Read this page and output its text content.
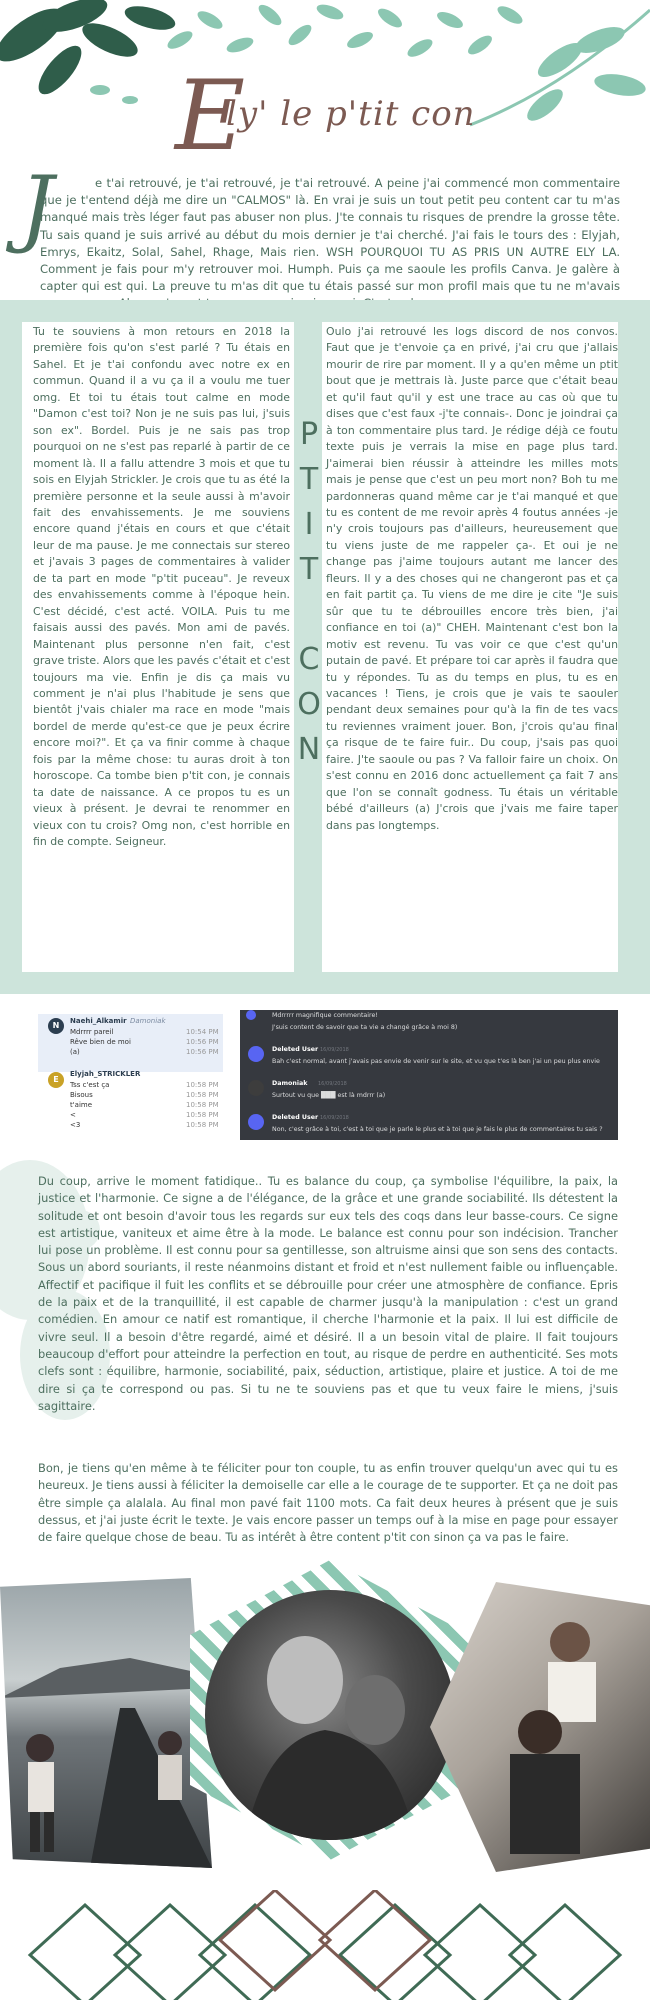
E
ly' le p'tit con
J	e t'ai retrouvé, je t'ai retrouvé, je t'ai retrouvé. A peine j'ai commencé mon commentaire que je t'entend déjà me dire un "CALMOS" là. En vrai je suis un tout petit peu content car tu m'as manqué mais très léger faut pas abuser non plus. J'te connais tu risques de prendre la grosse tête. Tu sais quand je suis arrivé au début du mois dernier je t'ai cherché. J'ai fais le tours des : Elyjah, Emrys, Ekaitz, Solal, Sahel, Rhage, Mais rien. WSH POURQUOI TU AS PRIS UN AUTRE ELY LA. Comment je fais pour m'y retrouver moi. Humph. Puis ça me saoule les profils Canva. Je galère à capter qui est qui. La preuve tu m'as dit que tu étais passé sur mon profil mais que tu ne m'avais
Tu te souviens à mon retours en 2018 la première fois qu'on s'est parlé ? Tu étais en Sahel. Et je t'ai confondu avec notre ex en commun. Quand il a vu ça il a voulu me tuer omg. Et toi tu étais tout calme en mode "Damon c'est toi? Non je ne suis pas lui, j'suis son ex". Bordel. Puis je ne sais pas trop pourquoi on ne s'est pas reparlé à partir de ce moment là. Il a fallu attendre 3 mois et que tu sois en Elyjah Strickler. Je crois que tu as été la première personne et la seule aussi à m'avoir fait des envahissements. Je me souviens encore quand j'étais en cours et que c'était leur de ma pause. Je me connectais sur stereo et j'avais 3 pages de commentaires à valider de ta part en mode "p'tit puceau". Je reveux des envahissements comme à l'époque hein. C'est décidé, c'est acté. VOILA. Puis tu me faisais aussi des pavés. Mon ami de pavés. Maintenant plus personne n'en fait, c'est grave triste. Alors que les pavés c'était et c'est toujours ma vie. Enfin je dis ça mais vu comment je n'ai plus l'habitude je sens que bientôt j'vais chialer ma race en mode "mais bordel de merde qu'est-ce que je peux écrire encore moi?". Et ça va finir comme à chaque fois par la même chose: tu auras droit à ton horoscope. Ca tombe bien p'tit con, je connais ta date de naissance. A ce propos tu es un vieux à présent. Je devrai te renommer en vieux con tu crois? Omg non, c'est horrible en fin de compte. Seigneur.
Oulo j'ai retrouvé les logs discord de nos convos. Faut que je t'envoie ça en privé, j'ai cru que j'allais mourir de rire par moment. Il y a qu'en même un ptit bout que je mettrais là. Juste parce que c'était beau et qu'il faut qu'il y est une trace au cas où que tu dises que c'est faux -j'te connais-. Donc je joindrai ça à ton commentaire plus tard. Je rédige déjà ce foutu texte puis je verrais la mise en page plus tard. J'aimerai bien réussir à atteindre les milles mots mais je pense que c'est un peu mort non? Boh tu me pardonneras quand même car je t'ai manqué et que tu es content de me revoir après 4 foutus années -je n'y crois toujours pas d'ailleurs, heureusement que tu viens juste de me rappeler ça-. Et oui je ne change pas j'aime toujours autant me lancer des fleurs. Il y a des choses qui ne changeront pas et ça en fait partit ça. Tu viens de me dire je cite "Je suis sûr que tu te débrouilles encore très bien, j'ai confiance en toi (a)" CHEH. Maintenant c'est bon la motiv est revenu. Tu vas voir ce que c'est qu'un putain de pavé. Et prépare toi car après il faudra que tu y répondes. Tu as du temps en plus, tu es en vacances ! Tiens, je crois que je vais te saouler pendant deux semaines pour qu'à la fin de tes vacs tu reviennes vraiment jouer. Bon, j'crois qu'au final ça risque de te faire fuir.. Du coup, j'sais pas quoi faire. J'te saoule ou pas ? Va falloir faire un choix. On s'est connu en 2016 donc actuellement ça fait 7 ans que l'on se connaît godness. Tu étais un véritable bébé d'ailleurs (a) J'crois que j'vais me faire taper dans pas longtemps.
P
T
I
T
C
O
N
N	Naehi_Alkamir Damoniak
Mdrrrr pareil	10:54 PM
Rêve bien de moi	10:56 PM
(a)	10:56 PM
E
Elyjah_STRICKLER
Tss c'est ça	10:58 PM
Bisous	10:58 PM
t'aime	10:58 PM
<	10:58 PM
<3	10:58 PM
Mdrrrrr magnifique commentaire!
J'suis content de savoir que ta vie a changé grâce à moi 8)
Deleted User 16/09/2018
Bah c'est normal, avant j'avais pas envie de venir sur le site, et vu que t'es là ben j'ai un peu plus envie
Damoniak 16/09/2018
Surtout vu que ███ est là mdrrr (a)
Deleted User 16/09/2018
Non, c'est grâce à toi, c'est à toi que je parle le plus et à toi que je fais le plus de commentaires tu sais ?
Du coup, arrive le moment fatidique.. Tu es balance du coup, ça symbolise l'équilibre, la paix, la justice et l'harmonie. Ce signe a de l'élégance, de la grâce et une grande sociabilité. Ils détestent la solitude et ont besoin d'avoir tous les regards sur eux tels des coqs dans leur basse-cours. Ce signe est artistique, vaniteux et aime être à la mode. Le balance est connu pour son indécision. Trancher lui pose un problème. Il est connu pour sa gentillesse, son altruisme ainsi que son sens des contacts. Sous un abord souriants, il reste néanmoins distant et froid et n'est nullement faible ou influençable. Affectif et pacifique il fuit les conflits et se débrouille pour créer une atmosphère de confiance. Epris de la paix et de la tranquillité, il est capable de charmer jusqu'à la manipulation : c'est un grand comédien. En amour ce natif est romantique, il cherche l'harmonie et la paix. Il lui est difficile de vivre seul. Il a besoin d'être regardé, aimé et désiré. Il a un besoin vital de plaire. Il fait toujours beaucoup d'effort pour atteindre la perfection en tout, au risque de perdre en authenticité. Ses mots clefs sont : équilibre, harmonie, sociabilité, paix, séduction, artistique, plaire et justice. A toi de me dire si ça te correspond ou pas. Si tu ne te souviens pas et que tu veux faire le miens, j'suis sagittaire.
Bon, je tiens qu'en même à te féliciter pour ton couple, tu as enfin trouver quelqu'un avec qui tu es heureux. Je tiens aussi à féliciter la demoiselle car elle a le courage de te supporter. Et ça ne doit pas être simple ça alalala. Au final mon pavé fait 1100 mots. Ca fait deux heures à présent que je suis dessus, et j'ai juste écrit le texte. Je vais encore passer un temps ouf à la mise en page pour essayer de faire quelque chose de beau. Tu as intérêt à être content p'tit con sinon ça va pas le faire.
